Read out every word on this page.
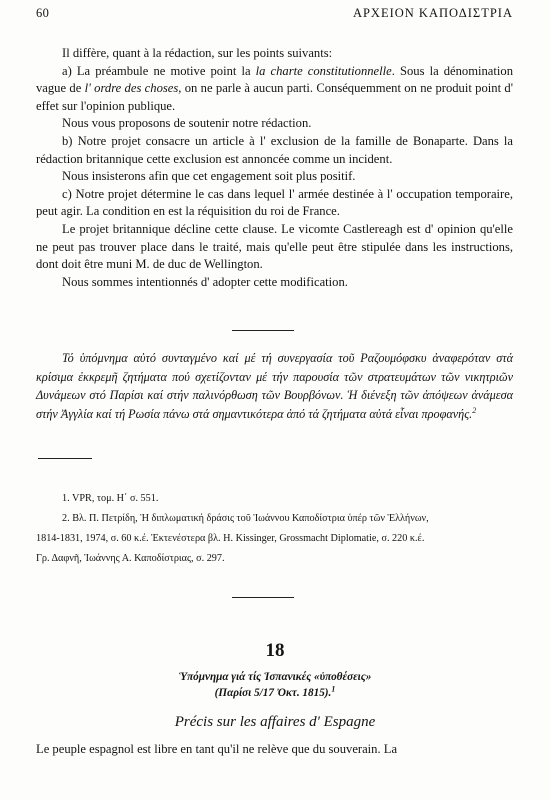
60	ΑΡΧΕΙΟΝ ΚΑΠΟΔΙΣΤΡΙΑ

Il diffère, quant à la rédaction, sur les points suivants:

a) La préambule ne motive point la la charte constitutionnelle. Sous la dénomination vague de l' ordre des choses, on ne parle à aucun parti. Conséquemment on ne produit point d' effet sur l'opinion publique.

Nous vous proposons de soutenir notre rédaction.

b) Notre projet consacre un article à l' exclusion de la famille de Bonaparte. Dans la rédaction britannique cette exclusion est annoncée comme un incident.

Nous insisterons afin que cet engagement soit plus positif.

c) Notre projet détermine le cas dans lequel l' armée destinée à l' occupation temporaire, peut agir. La condition en est la réquisition du roi de France.

Le projet britannique décline cette clause. Le vicomte Castlereagh est d' opinion qu'elle ne peut pas trouver place dans le traité, mais qu'elle peut être stipulée dans les instructions, dont doit être muni M. de duc de Wellington.

Nous sommes intentionnés d' adopter cette modification.

Τό ὑπόμνημα αὐτό συνταγμένο καί μέ τή συνεργασία τοῦ Ραζουμόφσκυ ἀναφερόταν στά κρίσιμα ἐκκρεμῆ ζητήματα πού σχετίζονταν μέ τήν παρουσία τῶν στρατευμάτων τῶν νικητριῶν Δυνάμεων στό Παρίσι καί στήν παλινόρθωση τῶν Βουρβόνων. Ἡ διένεξη τῶν ἀπόψεων ἀνάμεσα στήν Ἀγγλία καί τή Ρωσία πάνω στά σημαντικότερα ἀπό τά ζητήματα αὐτά εἶναι προφανής.$^2$

1. VPR, τομ. Η΄ σ. 551.

2. Βλ. Π. Πετρίδη, Ἡ διπλωματική δράσις τοῦ Ἰωάννου Καποδίστρια ὑπέρ τῶν Ἑλλήνων,

1814-1831, 1974, σ. 60 κ.έ. Ἐκτενέστερα βλ. H. Kissinger, Grossmacht Diplomatie, σ. 220 κ.έ.

Γρ. Δαφνῆ, Ἰωάννης Α. Καποδίστριας, σ. 297.

18
Ὑπόμνημα γιά τίς Ἱσπανικές «ὑποθέσεις»
(Παρίσι 5/17 Ὀκτ. 1815).$^1$
Précis sur les affaires d' Espagne
Le peuple espagnol est libre en tant qu'il ne relève que du souverain. La
